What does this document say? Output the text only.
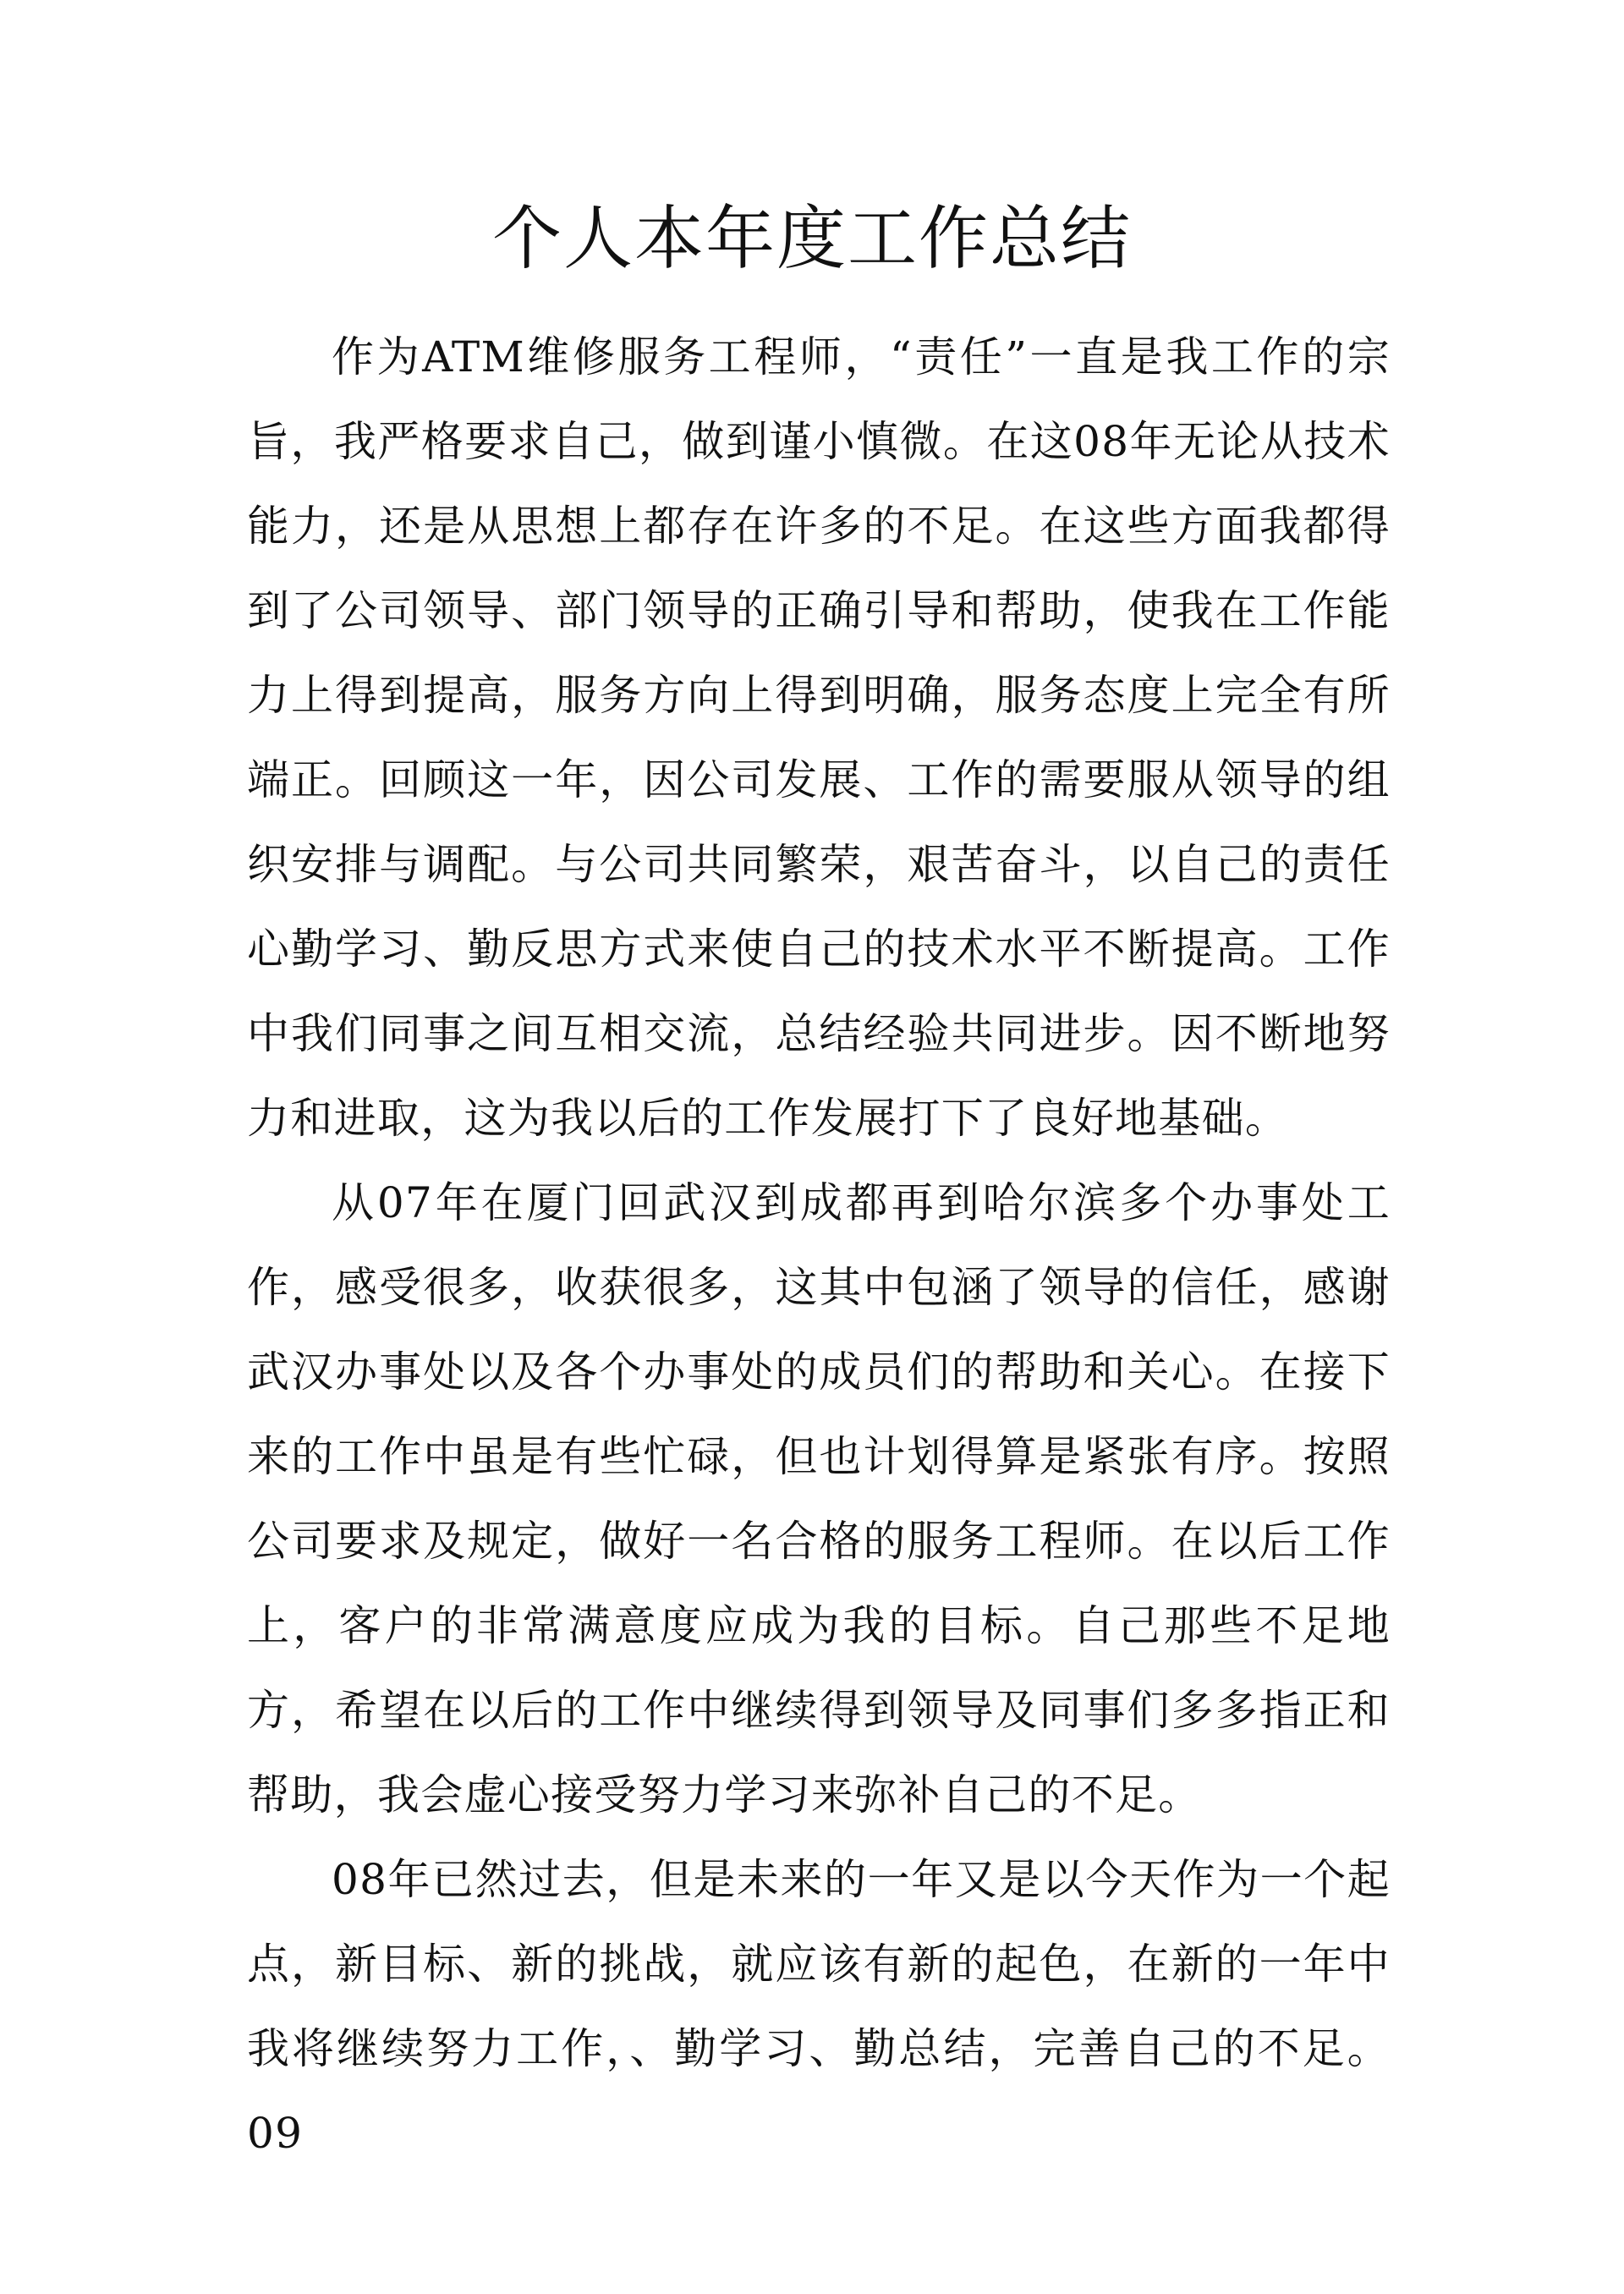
个人本年度工作总结

作为ATM维修服务工程师，“责任”一直是我工作的宗旨，我严格要求自己，做到谨小慎微。在这08年无论从技术能力，还是从思想上都存在许多的不足。在这些方面我都得到了公司领导、部门领导的正确引导和帮助，使我在工作能力上得到提高，服务方向上得到明确，服务态度上完全有所端正。回顾这一年，因公司发展、工作的需要服从领导的组织安排与调配。与公司共同繁荣，艰苦奋斗，以自己的责任心勤学习、勤反思方式来使自己的技术水平不断提高。工作中我们同事之间互相交流，总结经验共同进步。因不断地努力和进取，这为我以后的工作发展打下了良好地基础。

从07年在厦门回武汉到成都再到哈尔滨多个办事处工作，感受很多，收获很多，这其中包涵了领导的信任，感谢武汉办事处以及各个办事处的成员们的帮助和关心。在接下来的工作中虽是有些忙碌，但也计划得算是紧张有序。按照公司要求及规定，做好一名合格的服务工程师。在以后工作上，客户的非常满意度应成为我的目标。自己那些不足地方，希望在以后的工作中继续得到领导及同事们多多指正和帮助，我会虚心接受努力学习来弥补自己的不足。

08年已然过去，但是未来的一年又是以今天作为一个起点，新目标、新的挑战，就应该有新的起色，在新的一年中我将继续努力工作，、勤学习、勤总结，完善自己的不足。09
